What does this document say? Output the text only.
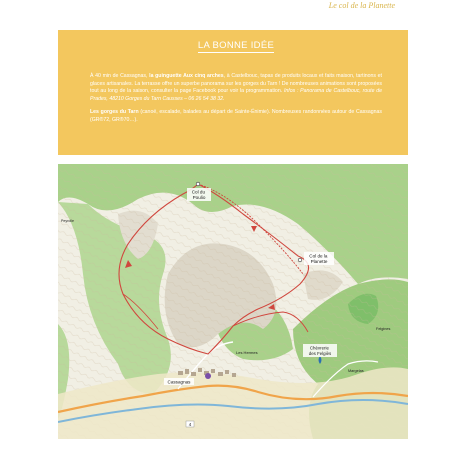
Le col de la Planette
LA BONNE IDÉE

À 40 min de Cassagnas, la guinguette Aux cinq arches, à Castelbouc, tapas de produits locaux et faits maison, tartinons et glaces artisanales. La terrasse offre un superbe panorama sur les gorges du Tarn ! De nombreuses animations sont proposées tout au long de la saison, consulter la page Facebook pour voir la programmation. Infos : Panorama de Castelbouc, route de Prades, 48210 Gorges du Tarn Causses – 06 26 54 38 32.

Les gorges du Tarn (canoë, escalade, balades au départ de Sainte-Énimie). Nombreuses randonnées autour de Cassagnas (GR®72, GR®70…).

4
Col du Poulio
Col de la Planette
Chèvrerie des Felgiès
Cassagnas
Les Hermes
Margelas
Felgines
Peyrolle
